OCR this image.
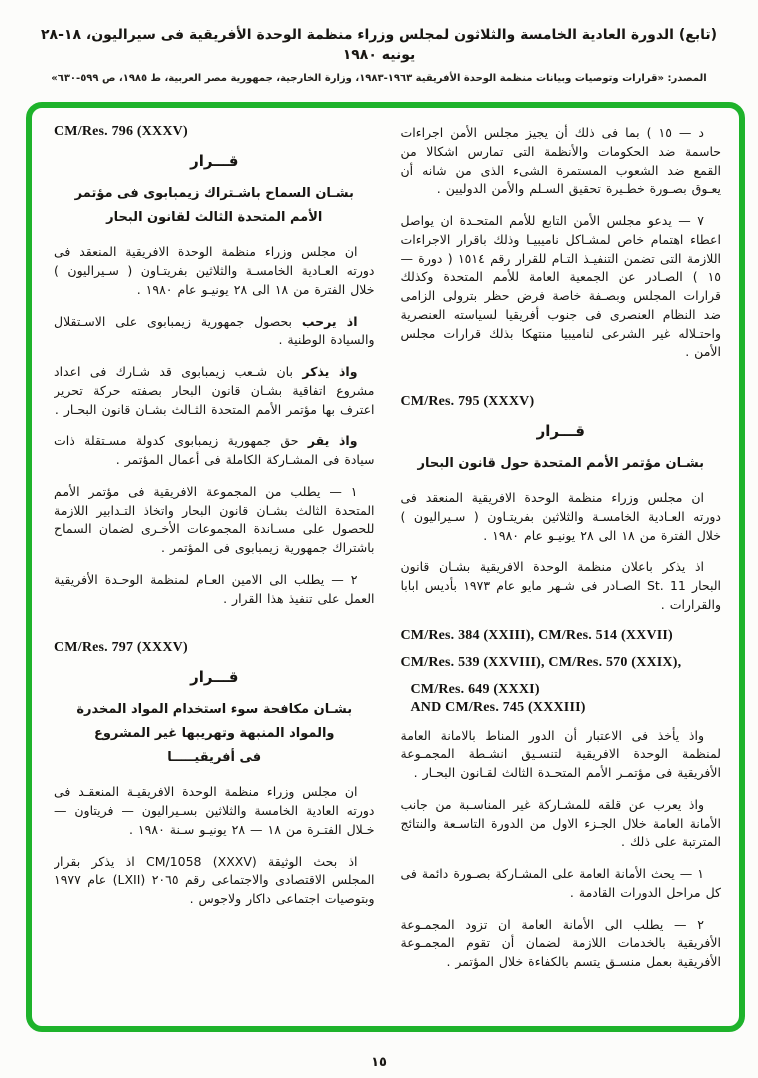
(تابع) الدورة العادية الخامسة والثلاثون لمجلس وزراء منظمة الوحدة الأفريقية فى سيراليون، ١٨-٢٨ يونيه ١٩٨٠
المصدر: «قرارات وتوصيات وبيانات منظمة الوحدة الأفريقية ١٩٦٣-١٩٨٣، وزارة الخارجية، جمهورية مصر العربية، ط ١٩٨٥، ص ٥٩٩-٦٣٠»
د — ١٥ ) بما فى ذلك أن يجيز مجلس الأمن اجراءات حاسمة ضد الحكومات والأنظمة التى تمارس اشكالا من القمع ضد الشعوب المستمرة الشىء الذى من شانه أن يعـوق بصـورة خطـيرة تحقيق السـلم والأمن الدوليين .
٧ — يدعو مجلس الأمن التابع للأمم المتحـدة ان يواصل اعطاء اهتمام خاص لمشـاكل ناميبيـا وذلك باقرار الاجراءات اللازمة التى تضمن التنفيـذ التـام للقرار رقم ١٥١٤ ( دورة — ١٥ ) الصـادر عن الجمعية العامة للأمم المتحدة وكذلك قرارات المجلس وبصـفة خاصة فرض حظر بترولى الزامى ضد النظام العنصرى فى جنوب أفريقيا لسياسته العنصرية واحتـلاله غير الشرعى لناميبيا منتهكا بذلك قرارات مجلس الأمن .
CM/Res. 795 (XXXV)
قـــرار
بشـان مؤتمر الأمم المتحدة حول قانون البحار
ان مجلس وزراء منظمة الوحدة الافريقية المنعقد فى دورته العـادية الخامسـة والثلاثين بفريتـاون ( سـيراليون ) خلال الفترة من ١٨ الى ٢٨ يونيـو عام ١٩٨٠ .
اذ يذكر باعلان منظمة الوحدة الافريقية بشـان قانون البحار ‎St. 11‎ الصـادر فى شـهر مايو عام ١٩٧٣ بأديس ابابا والقرارات .
CM/Res. 384 (XXIII), CM/Res. 514 (XXVII)
CM/Res. 539 (XXVIII), CM/Res. 570 (XXIX),
CM/Res. 649 (XXXI)
AND CM/Res. 745 (XXXIII)
واذ يأخذ فى الاعتبار أن الدور المناط بالامانة العامة لمنظمة الوحدة الافريقية لتنسـيق انشـطة المجمـوعة الأفريقية فى مؤتمـر الأمم المتحـدة الثالث لقـانون البحـار .
واذ يعرب عن قلقه للمشـاركة غير المناسـبة من جانب الأمانة العامة خلال الجـزء الاول من الدورة التاسـعة والنتائج المترتبة على ذلك .
١ — يحث الأمانة العامة على المشـاركة بصـورة دائمة فى كل مراحل الدورات القادمة .
٢ — يطلب الى الأمانة العامة ان تزود المجمـوعة الأفريقية بالخدمات اللازمة لضمان أن تقوم المجمـوعة الأفريقية بعمل منسـق يتسم بالكفاءة خلال المؤتمر .
CM/Res. 796 (XXXV)
قـــرار
بشـان السماح باشـتراك زيمبابوى فى مؤتمر
الأمم المتحدة الثالث لقانون البحار
ان مجلس وزراء منظمة الوحدة الافريقية المنعقد فى دورته العـادية الخامسـة والثلاثين بفريتـاون ( سـيراليون ) خلال الفترة من ١٨ الى ٢٨ يونيـو عام ١٩٨٠ .
اذ يرحب بحصول جمهورية زيمبابوى على الاسـتقلال والسيادة الوطنية .
واذ يذكر بان شـعب زيمبابوى قد شـارك فى اعداد مشروع اتفاقية بشـان قانون البحار بصفته حركة تحرير اعترف بها مؤتمر الأمم المتحدة الثـالث بشـان قانون البحـار .
واذ يقر حق جمهورية زيمبابوى كدولة مسـتقلة ذات سيادة فى المشـاركة الكاملة فى أعمال المؤتمر .
١ — يطلب من المجموعة الافريقية فى مؤتمر الأمم المتحدة الثالث بشـان قانون البحار واتخاذ التـدابير اللازمة للحصول على مسـاندة المجموعات الأخـرى لضمان السماح باشتراك جمهورية زيمبابوى فى المؤتمر .
٢ — يطلب الى الامين العـام لمنظمة الوحـدة الأفريقية العمل على تنفيذ هذا القرار .
CM/Res. 797 (XXXV)
قـــرار
بشـان مكافحة سوء استخدام المواد المخدرة
والمواد المنبهة وتهريبها غير المشروع
فى أفريقيـــــا
ان مجلس وزراء منظمة الوحدة الافريقيـة المنعقـد فى دورته العادية الخامسة والثلاثين بسـيراليون — فريتاون — خـلال الفتـرة من ١٨ — ٢٨ يونيـو سـنة ١٩٨٠ .
اذ بحث الوثيقة ‎CM/1058 (XXXV)‎ اذ يذكر بقرار المجلس الاقتصادى والاجتماعى رقم ٢٠٦٥ ‎(LXII)‎ عام ١٩٧٧ وبتوصيات اجتماعى داكار ولاجوس .
١٥
